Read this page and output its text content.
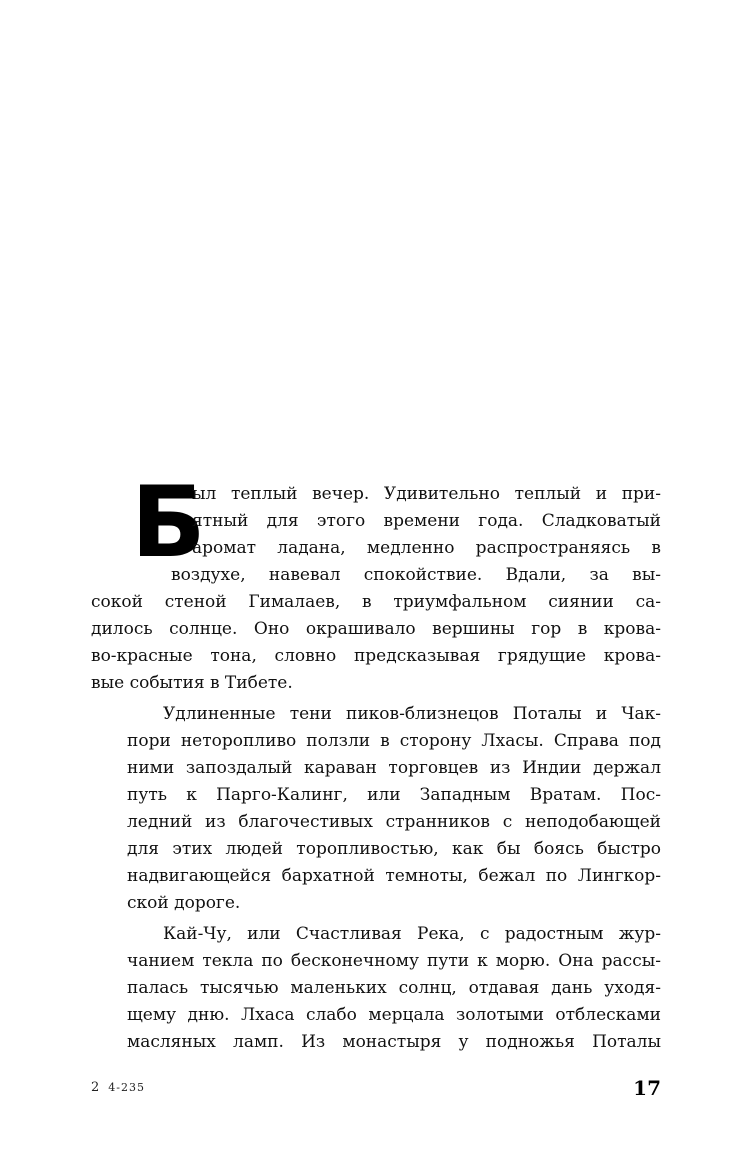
Б
ыл теплый вечер. Удивительно теплый и при-
ятный для этого времени года. Сладковатый
аромат ладана, медленно распространяясь в
воздухе, навевал спокойствие. Вдали, за вы-
сокой стеной Гималаев, в триумфальном сиянии са-
дилось солнце. Оно окрашивало вершины гор в крова-
во-красные тона, словно предсказывая грядущие крова-
вые события в Тибете.
Удлиненные тени пиков-близнецов Поталы и Чак-
пори неторопливо ползли в сторону Лхасы. Справа под
ними запоздалый караван торговцев из Индии держал
путь к Парго-Калинг, или Западным Вратам. Пос-
ледний из благочестивых странников с неподобающей
для этих людей торопливостью, как бы боясь быстро
надвигающейся бархатной темноты, бежал по Лингкор-
ской дороге.
Кай-Чу, или Счастливая Река, с радостным жур-
чанием текла по бесконечному пути к морю. Она рассы-
палась тысячью маленьких солнц, отдавая дань уходя-
щему дню. Лхаса слабо мерцала золотыми отблесками
масляных ламп. Из монастыря у подножья Поталы
2 4-235	17
